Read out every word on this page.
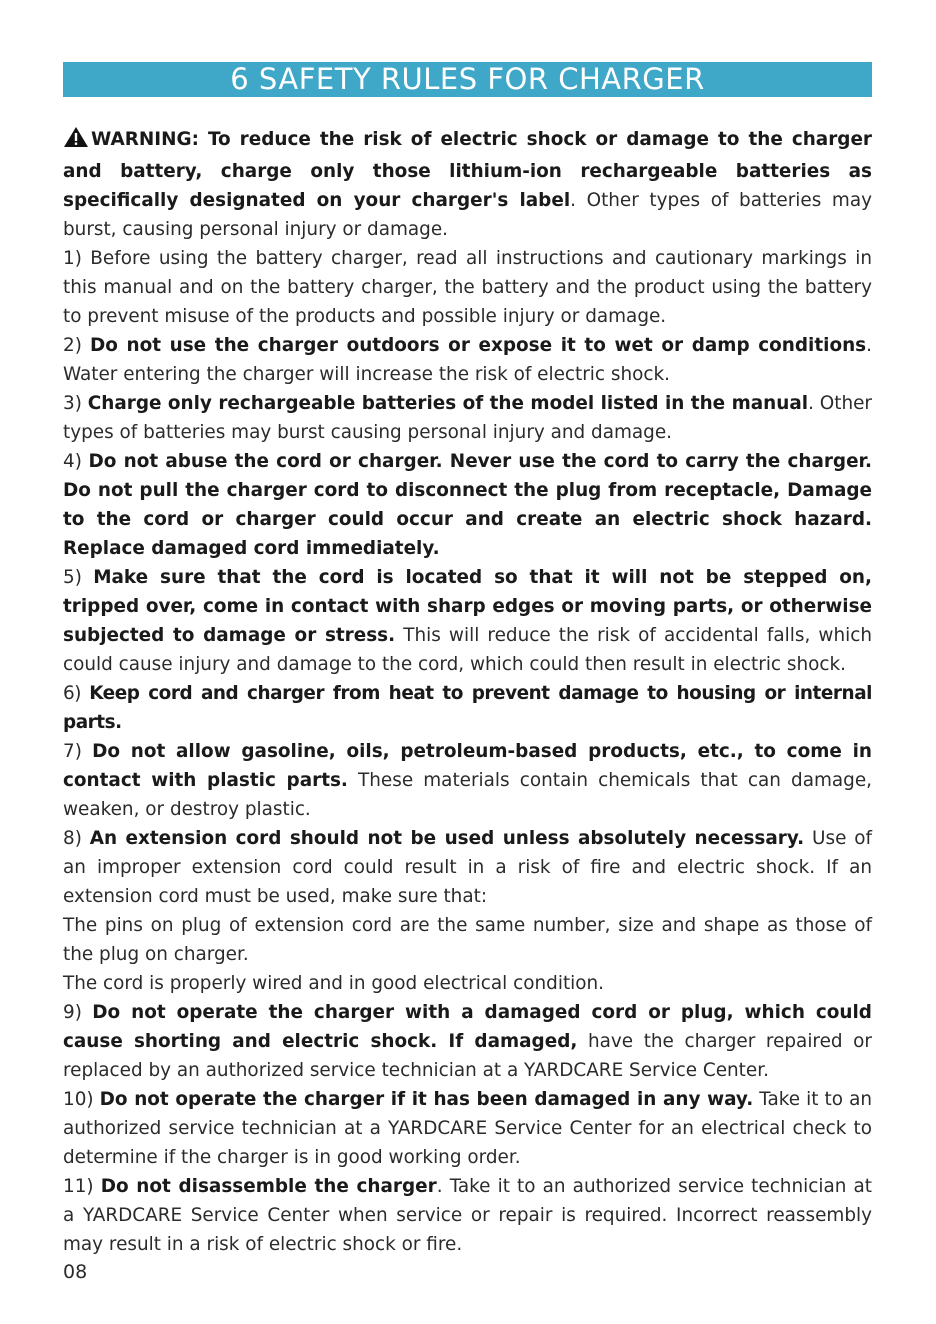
6 SAFETY RULES FOR CHARGER

WARNING: To reduce the risk of electric shock or damage to the charger and battery, charge only those lithium-ion rechargeable batteries as specifically designated on your charger's label. Other types of batteries may burst, causing personal injury or damage.

1) Before using the battery charger, read all instructions and cautionary markings in this manual and on the battery charger, the battery and the product using the battery to prevent misuse of the products and possible injury or damage.

2) Do not use the charger outdoors or expose it to wet or damp conditions. Water entering the charger will increase the risk of electric shock.

3) Charge only rechargeable batteries of the model listed in the manual. Other types of batteries may burst causing personal injury and damage.

4) Do not abuse the cord or charger. Never use the cord to carry the charger. Do not pull the charger cord to disconnect the plug from receptacle, Damage to the cord or charger could occur and create an electric shock hazard. Replace damaged cord immediately.

5) Make sure that the cord is located so that it will not be stepped on, tripped over, come in contact with sharp edges or moving parts, or otherwise subjected to damage or stress. This will reduce the risk of accidental falls, which could cause injury and damage to the cord, which could then result in electric shock.

6) Keep cord and charger from heat to prevent damage to housing or internal parts.

7) Do not allow gasoline, oils, petroleum-based products, etc., to come in contact with plastic parts. These materials contain chemicals that can damage, weaken, or destroy plastic.

8) An extension cord should not be used unless absolutely necessary. Use of an improper extension cord could result in a risk of fire and electric shock. If an extension cord must be used, make sure that:

The pins on plug of extension cord are the same number, size and shape as those of the plug on charger.

The cord is properly wired and in good electrical condition.

9) Do not operate the charger with a damaged cord or plug, which could cause shorting and electric shock. If damaged, have the charger repaired or replaced by an authorized service technician at a YARDCARE Service Center.

10) Do not operate the charger if it has been damaged in any way. Take it to an authorized service technician at a YARDCARE Service Center for an electrical check to determine if the charger is in good working order.

11) Do not disassemble the charger. Take it to an authorized service technician at a YARDCARE Service Center when service or repair is required. Incorrect reassembly may result in a risk of electric shock or fire.

08
